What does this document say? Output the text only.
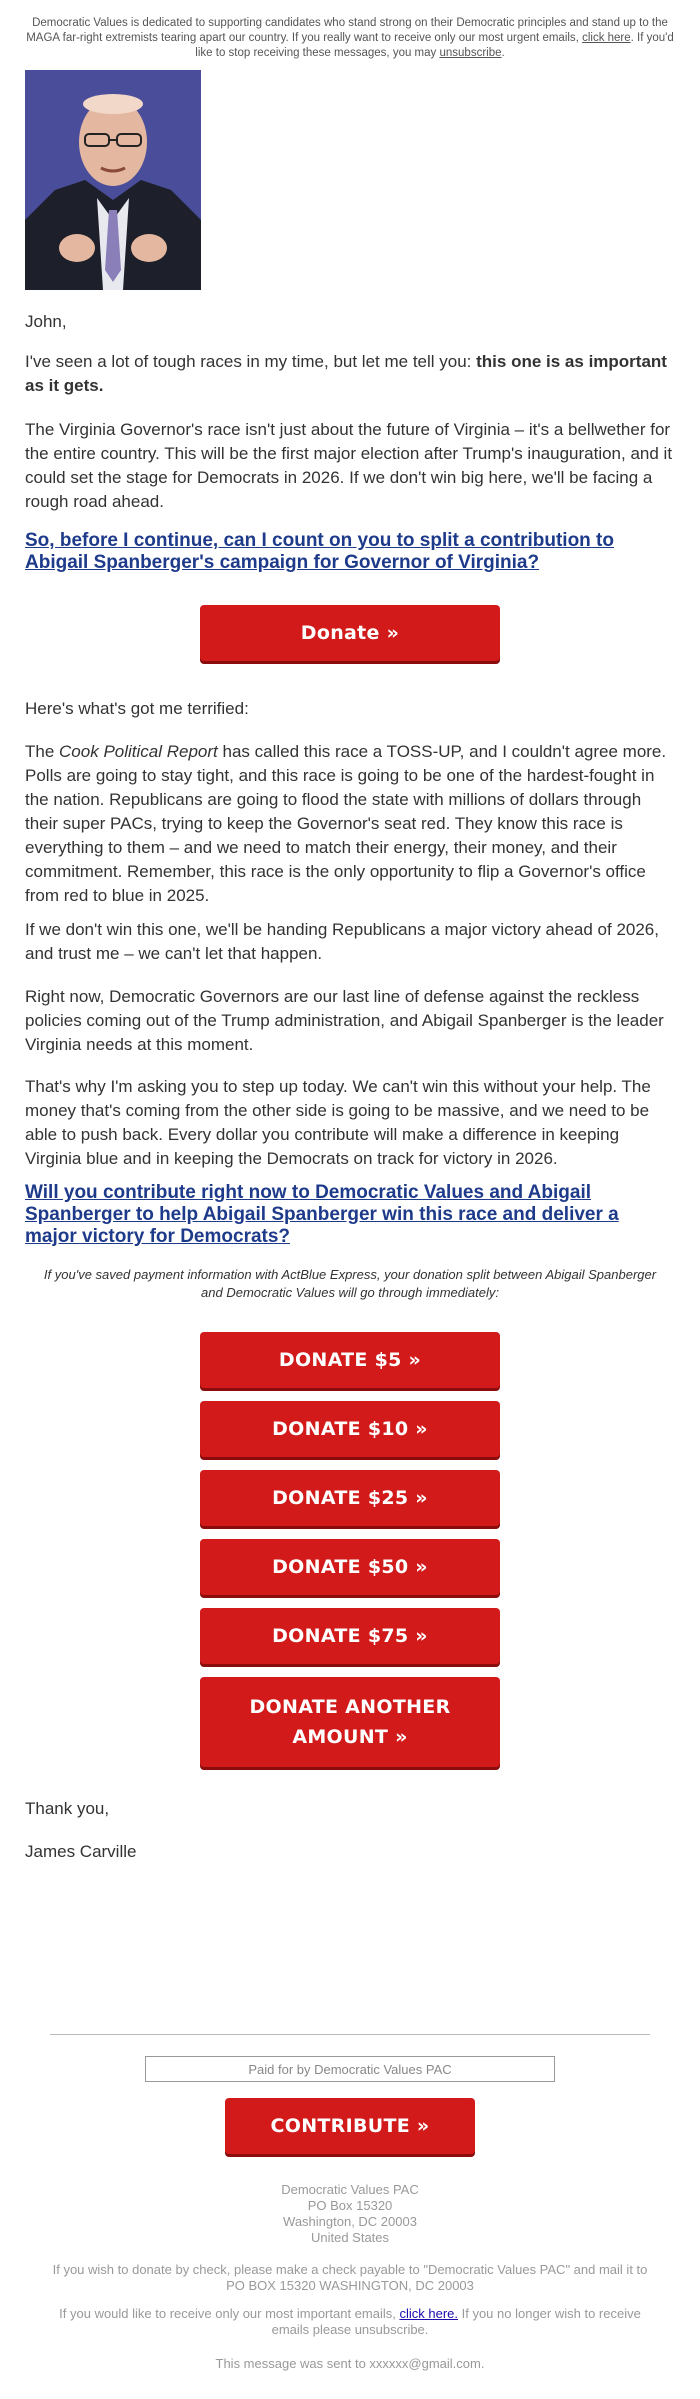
Democratic Values is dedicated to supporting candidates who stand strong on their Democratic principles and stand up to the MAGA far-right extremists tearing apart our country. If you really want to receive only our most urgent emails, click here. If you'd like to stop receiving these messages, you may unsubscribe.
John,
I've seen a lot of tough races in my time, but let me tell you: this one is as important as it gets.
The Virginia Governor's race isn't just about the future of Virginia – it's a bellwether for the entire country. This will be the first major election after Trump's inauguration, and it could set the stage for Democrats in 2026. If we don't win big here, we'll be facing a rough road ahead.
So, before I continue, can I count on you to split a contribution to Abigail Spanberger's campaign for Governor of Virginia?
Donate »
Here's what's got me terrified:
The Cook Political Report has called this race a TOSS-UP, and I couldn't agree more. Polls are going to stay tight, and this race is going to be one of the hardest-fought in the nation. Republicans are going to flood the state with millions of dollars through their super PACs, trying to keep the Governor's seat red. They know this race is everything to them – and we need to match their energy, their money, and their commitment. Remember, this race is the only opportunity to flip a Governor's office from red to blue in 2025.
If we don't win this one, we'll be handing Republicans a major victory ahead of 2026, and trust me – we can't let that happen.
Right now, Democratic Governors are our last line of defense against the reckless policies coming out of the Trump administration, and Abigail Spanberger is the leader Virginia needs at this moment.
That's why I'm asking you to step up today. We can't win this without your help. The money that's coming from the other side is going to be massive, and we need to be able to push back. Every dollar you contribute will make a difference in keeping Virginia blue and in keeping the Democrats on track for victory in 2026.
Will you contribute right now to Democratic Values and Abigail Spanberger to help Abigail Spanberger win this race and deliver a major victory for Democrats?
If you've saved payment information with ActBlue Express, your donation split between Abigail Spanberger and Democratic Values will go through immediately:
DONATE $5 »
DONATE $10 »
DONATE $25 »
DONATE $50 »
DONATE $75 »
DONATE ANOTHER AMOUNT »
Thank you,
James Carville
Paid for by Democratic Values PAC
CONTRIBUTE »
Democratic Values PAC
PO Box 15320
Washington, DC 20003
United States
If you wish to donate by check, please make a check payable to "Democratic Values PAC" and mail it to PO BOX 15320 WASHINGTON, DC 20003
If you would like to receive only our most important emails, click here. If you no longer wish to receive emails please unsubscribe.
This message was sent to xxxxxx@gmail.com.
